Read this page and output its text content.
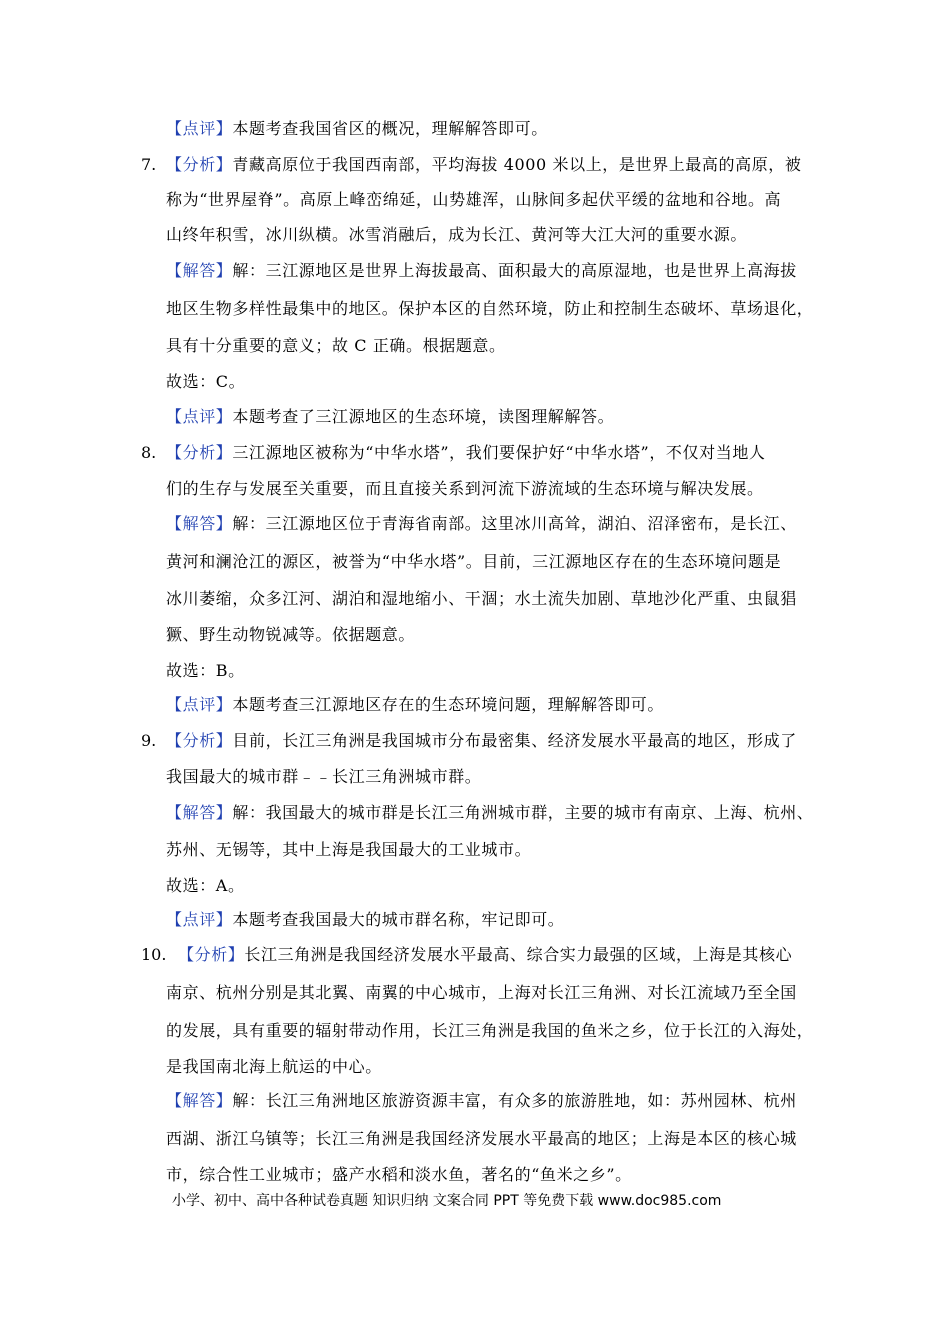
【点评】本题考查我国省区的概况，理解解答即可。
7. 【分析】青藏高原位于我国西南部，平均海拔 4000 米以上，是世界上最高的高原，被
称为“世界屋脊”。高原上峰峦绵延，山势雄浑，山脉间多起伏平缓的盆地和谷地。高
山终年积雪，冰川纵横。冰雪消融后，成为长江、黄河等大江大河的重要水源。
【解答】解：三江源地区是世界上海拔最高、面积最大的高原湿地，也是世界上高海拔
地区生物多样性最集中的地区。保护本区的自然环境，防止和控制生态破坏、草场退化，
具有十分重要的意义；故 C 正确。根据题意。
故选：C。
【点评】本题考查了三江源地区的生态环境，读图理解解答。
8. 【分析】三江源地区被称为“中华水塔”，我们要保护好“中华水塔”，不仅对当地人
们的生存与发展至关重要，而且直接关系到河流下游流域的生态环境与解决发展。
【解答】解：三江源地区位于青海省南部。这里冰川高耸，湖泊、沼泽密布，是长江、
黄河和澜沧江的源区，被誉为“中华水塔”。目前，三江源地区存在的生态环境问题是
冰川萎缩，众多江河、湖泊和湿地缩小、干涸；水土流失加剧、草地沙化严重、虫鼠猖
獗、野生动物锐减等。依据题意。
故选：B。
【点评】本题考查三江源地区存在的生态环境问题，理解解答即可。
9. 【分析】目前，长江三角洲是我国城市分布最密集、经济发展水平最高的地区，形成了
我国最大的城市群﹣﹣长江三角洲城市群。
【解答】解：我国最大的城市群是长江三角洲城市群，主要的城市有南京、上海、杭州、
苏州、无锡等，其中上海是我国最大的工业城市。
故选：A。
【点评】本题考查我国最大的城市群名称，牢记即可。
10. 【分析】长江三角洲是我国经济发展水平最高、综合实力最强的区域，上海是其核心
南京、杭州分别是其北翼、南翼的中心城市，上海对长江三角洲、对长江流域乃至全国
的发展，具有重要的辐射带动作用，长江三角洲是我国的鱼米之乡，位于长江的入海处，
是我国南北海上航运的中心。
【解答】解：长江三角洲地区旅游资源丰富，有众多的旅游胜地，如：苏州园林、杭州
西湖、浙江乌镇等；长江三角洲是我国经济发展水平最高的地区；上海是本区的核心城
市，综合性工业城市；盛产水稻和淡水鱼，著名的“鱼米之乡”。
小学、初中、高中各种试卷真题 知识归纳 文案合同 PPT 等免费下载 www.doc985.com
